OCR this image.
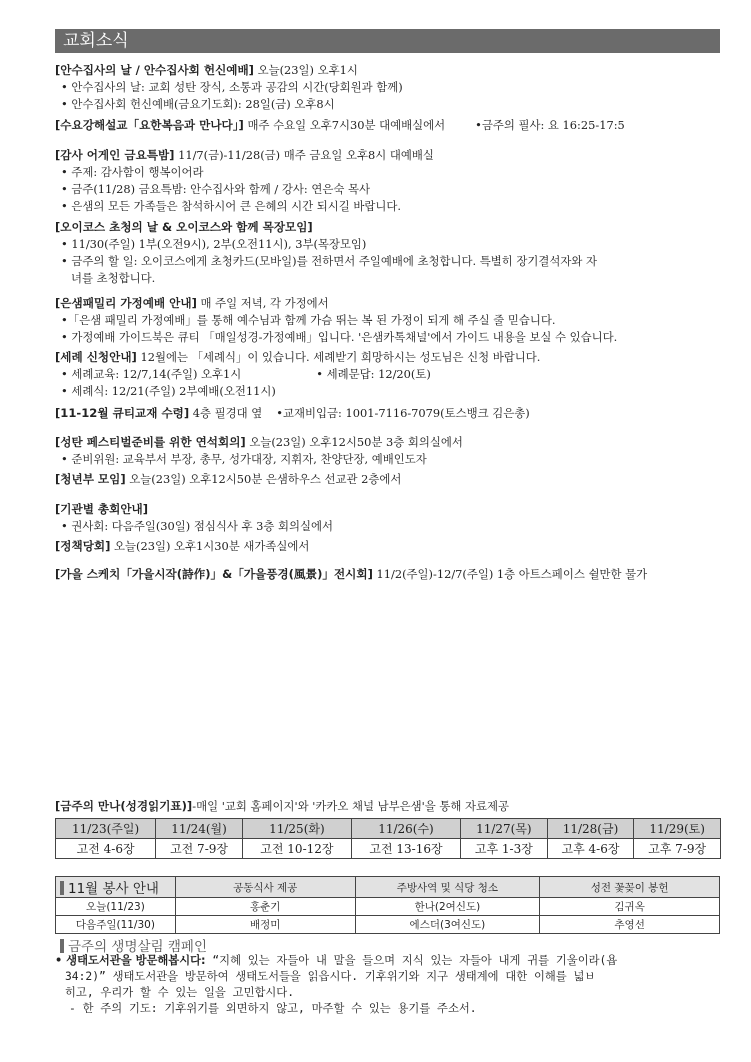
교회소식
[안수집사의 날 / 안수집사회 헌신예배] 오늘(23일) 오후1시
• 안수집사의 날: 교회 성탄 장식, 소통과 공감의 시간(당회원과 함께)
• 안수집사회 헌신예배(금요기도회): 28일(금) 오후8시
[수요강해설교「요한복음과 만나다」] 매주 수요일 오후7시30분 대예배실에서	•금주의 필사: 요 16:25-17:5
[감사 어게인 금요특밤] 11/7(금)-11/28(금) 매주 금요일 오후8시 대예배실
• 주제: 감사함이 행복이어라
• 금주(11/28) 금요특밤: 안수집사와 함께 / 강사: 연은숙 목사
• 은샘의 모든 가족들은 참석하시어 큰 은혜의 시간 되시길 바랍니다.
[오이코스 초청의 날 & 오이코스와 함께 목장모임]
• 11/30(주일) 1부(오전9시), 2부(오전11시), 3부(목장모임)
• 금주의 할 일: 오이코스에게 초청카드(모바일)를 전하면서 주일예배에 초청합니다. 특별히 장기결석자와 자
녀를 초청합니다.
[은샘패밀리 가정예배 안내] 매 주일 저녁, 각 가정에서
•「은샘 패밀리 가정예배」를 통해 예수님과 함께 가슴 뛰는 복 된 가정이 되게 해 주실 줄 믿습니다.
• 가정예배 가이드북은 큐티 「매일성경-가정예배」입니다. '은샘카톡채널'에서 가이드 내용을 보실 수 있습니다.
[세례 신청안내] 12월에는 「세례식」이 있습니다. 세례받기 희망하시는 성도님은 신청 바랍니다.
• 세례교육: 12/7,14(주일) 오후1시	• 세례문답: 12/20(토)
• 세례식: 12/21(주일) 2부예배(오전11시)
[11-12월 큐티교재 수령] 4층 필경대 옆 •교재비입금: 1001-7116-7079(토스뱅크 김은총)
[성탄 페스티벌준비를 위한 연석회의] 오늘(23일) 오후12시50분 3층 회의실에서
• 준비위원: 교육부서 부장, 총무, 성가대장, 지휘자, 찬양단장, 예배인도자
[청년부 모임] 오늘(23일) 오후12시50분 은샘하우스 선교관 2층에서
[기관별 총회안내]
• 권사회: 다음주일(30일) 점심식사 후 3층 회의실에서
[정책당회] 오늘(23일) 오후1시30분 새가족실에서
[가을 스케치「가을시작(詩作)」&「가을풍경(風景)」전시회] 11/2(주일)-12/7(주일) 1층 아트스페이스 쉴만한 물가
[금주의 만나(성경읽기표)]-매일 '교회 홈페이지'와 '카카오 채널 남부은샘'을 통해 자료제공
11/23(주일)	11/24(월)	11/25(화)	11/26(수)	11/27(목)	11/28(금)	11/29(토)
고전 4-6장	고전 7-9장	고전 10-12장	고전 13-16장	고후 1-3장	고후 4-6장	고후 7-9장
11월 봉사 안내	공동식사 제공	주방사역 및 식당 청소	성전 꽃꽂이 봉헌
오늘(11/23)	홍춘기	한나(2여신도)	김귀옥
다음주일(11/30)	배정미	에스더(3여신도)	추영선
금주의 생명살림 캠페인
• 생태도서관을 방문해봅시다: “지혜 있는 자들아 내 말을 들으며 지식 있는 자들아 내게 귀를 기울이라(욥
34:2)” 생태도서관을 방문하여 생태도서들을 읽읍시다. 기후위기와 지구 생태계에 대한 이해를 넓ㅂ
히고, 우리가 할 수 있는 일을 고민합시다.
- 한 주의 기도: 기후위기를 외면하지 않고, 마주할 수 있는 용기를 주소서.
